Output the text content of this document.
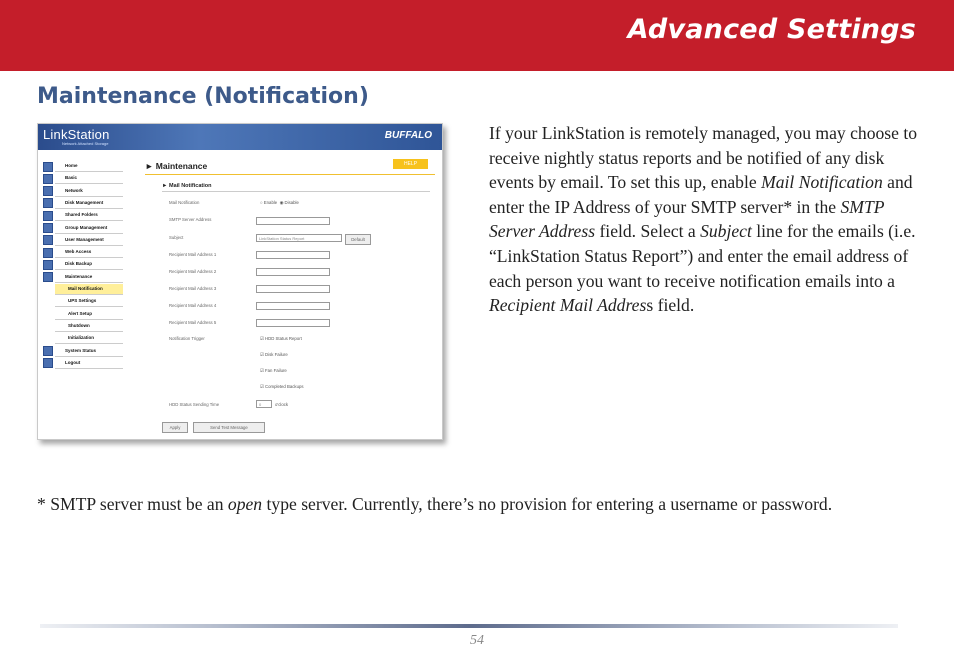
Advanced Settings
Maintenance (Notification)
LinkStation
Network Attached Storage
BUFFALO
► Maintenance	HELP
► Mail Notification
Mail Notification	○ Enable  ◉ Disable
SMTP Server Address
Subject	LinkStation Status Report	Default
Recipient Mail Address 1
Recipient Mail Address 2
Recipient Mail Address 3
Recipient Mail Address 4
Recipient Mail Address 5
Notification Trigger	☑ HDD Status Report
☑ Disk Failure
☑ Fan Failure
☑ Completed Backups
HDD Status Sending Time	0	o'clock
Apply	Send Test Message
Home
Basic
Network
Disk Management
Shared Folders
Group Management
User Management
Web Access
Disk Backup
Maintenance
Mail Notification
UPS Settings
Alert Setup
Shutdown
Initialization
System Status
Logout
If your LinkStation is remotely managed, you may choose to receive nightly status reports and be notified of any disk events by email. To set this up, enable Mail Notification and enter the IP Address of your SMTP server* in the SMTP Server Address field. Select a Subject line for the emails (i.e. “LinkStation Status Report”) and enter the email address of each person you want to receive notification emails into a Recipient Mail Address field.
* SMTP server must be an open type server. Currently, there’s no provision for entering a username or password.
54
